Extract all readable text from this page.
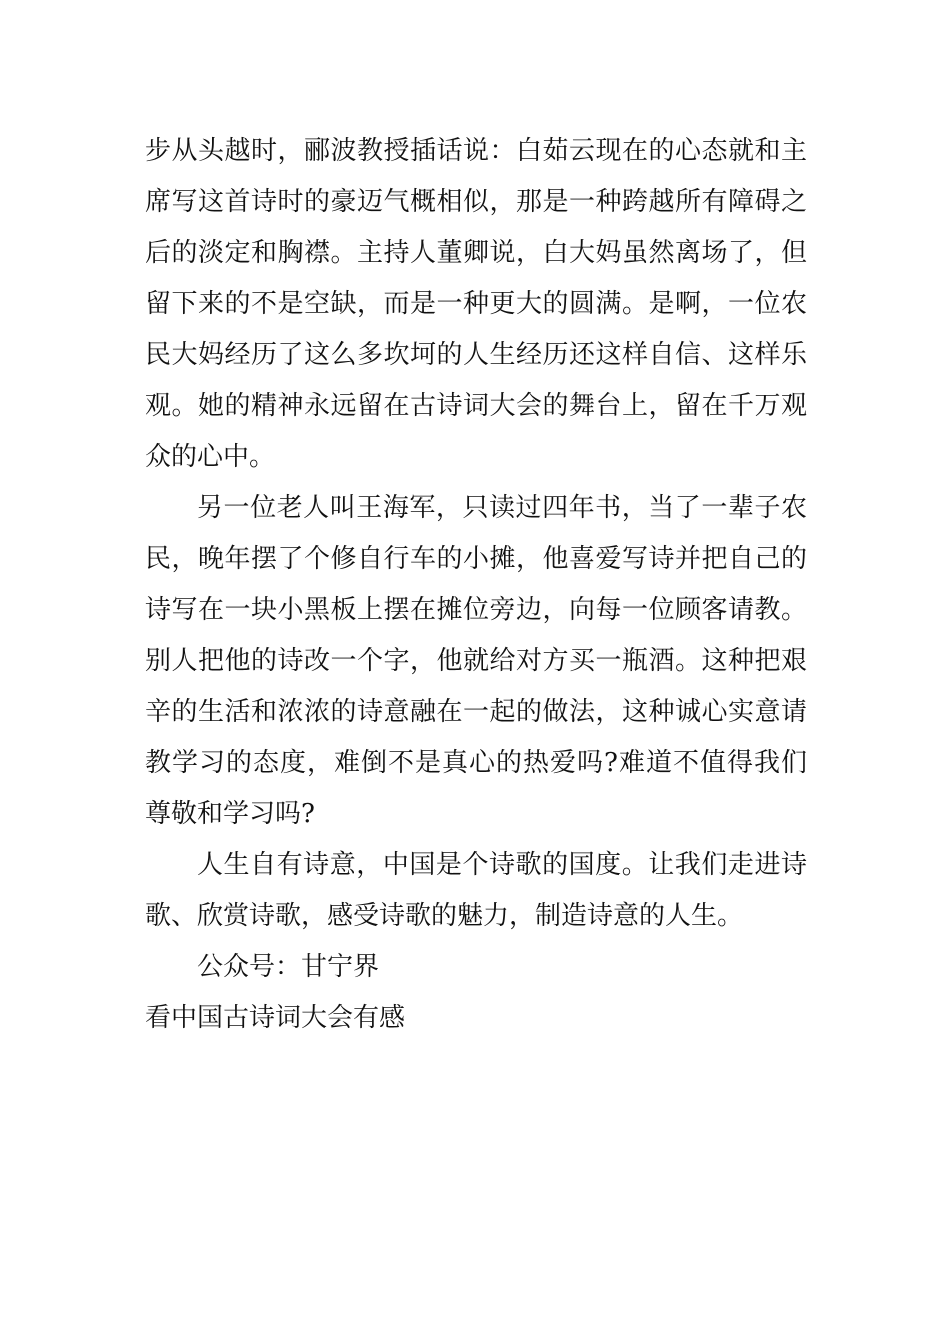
步从头越时，郦波教授插话说：白茹云现在的心态就和主席写这首诗时的豪迈气概相似，那是一种跨越所有障碍之后的淡定和胸襟。主持人董卿说，白大妈虽然离场了，但留下来的不是空缺，而是一种更大的圆满。是啊，一位农民大妈经历了这么多坎坷的人生经历还这样自信、这样乐观。她的精神永远留在古诗词大会的舞台上，留在千万观众的心中。

另一位老人叫王海军，只读过四年书，当了一辈子农民，晚年摆了个修自行车的小摊，他喜爱写诗并把自己的诗写在一块小黑板上摆在摊位旁边，向每一位顾客请教。别人把他的诗改一个字，他就给对方买一瓶酒。这种把艰辛的生活和浓浓的诗意融在一起的做法，这种诚心实意请教学习的态度，难倒不是真心的热爱吗?难道不值得我们尊敬和学习吗?

人生自有诗意，中国是个诗歌的国度。让我们走进诗歌、欣赏诗歌，感受诗歌的魅力，制造诗意的人生。

公众号：甘宁界

看中国古诗词大会有感
